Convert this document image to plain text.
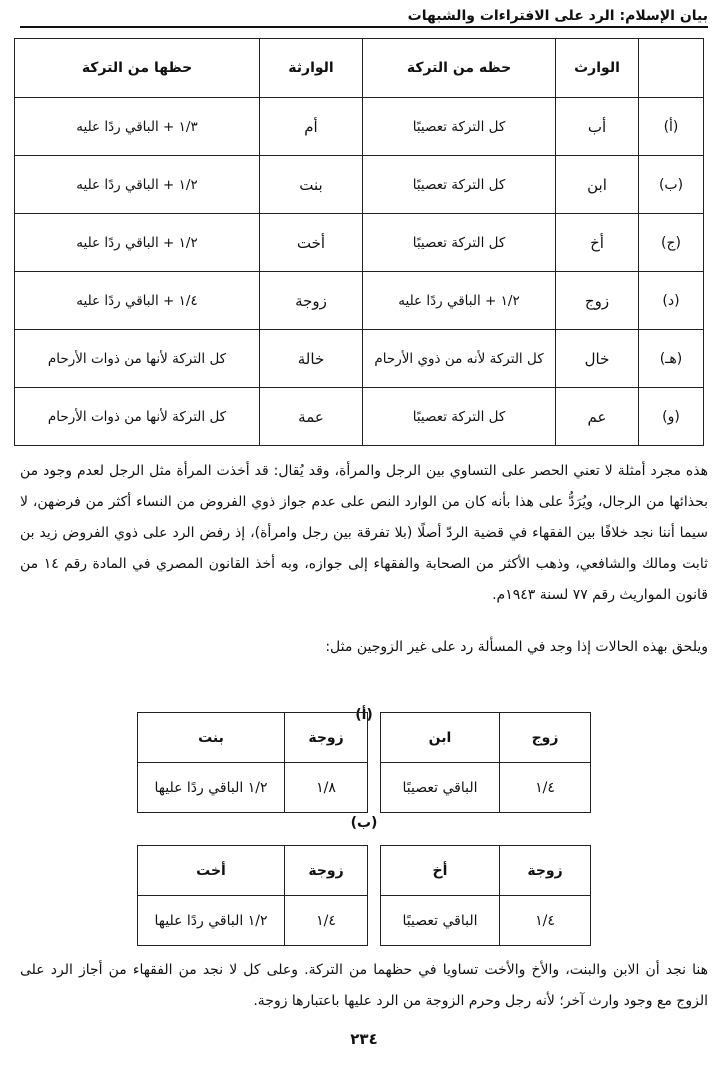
بيان الإسلام: الرد على الافتراءات والشبهات
	الوارث	حظه من التركة	الوارثة	حظها من التركة
(أ)	أب	كل التركة تعصيبًا	أم	١/٣ + الباقي ردًا عليه
(ب)	ابن	كل التركة تعصيبًا	بنت	١/٢ + الباقي ردًا عليه
(ج)	أخ	كل التركة تعصيبًا	أخت	١/٢ + الباقي ردًا عليه
(د)	زوج	١/٢ + الباقي ردًا عليه	زوجة	١/٤ + الباقي ردًا عليه
(هـ)	خال	كل التركة لأنه من ذوي الأرحام	خالة	كل التركة لأنها من ذوات الأرحام
(و)	عم	كل التركة تعصيبًا	عمة	كل التركة لأنها من ذوات الأرحام

هذه مجرد أمثلة لا تعني الحصر على التساوي بين الرجل والمرأة، وقد يُقال: قد أخذت المرأة مثل الرجل لعدم وجود من بحذائها من الرجال، ويُرَدُّ على هذا بأنه كان من الوارد النص على عدم جواز ذوي الفروض من النساء أكثر من فرضهن، لا سيما أننا نجد خلافًا بين الفقهاء في قضية الردّ أصلًا (بلا تفرقة بين رجل وامرأة)، إذ رفض الرد على ذوي الفروض زيد بن ثابت ومالك والشافعي، وذهب الأكثر من الصحابة والفقهاء إلى جوازه، وبه أخذ القانون المصري في المادة رقم ١٤ من قانون المواريث رقم ٧٧ لسنة ١٩٤٣م.

ويلحق بهذه الحالات إذا وجد في المسألة رد على غير الزوجين مثل:

(أ)
زوج	ابن		زوجة	بنت
١/٤	الباقي تعصيبًا		١/٨	١/٢ الباقي ردًا عليها
(ب)
زوجة	أخ		زوجة	أخت
١/٤	الباقي تعصيبًا		١/٤	١/٢ الباقي ردًا عليها

هنا نجد أن الابن والبنت، والأخ والأخت تساويا في حظهما من التركة. وعلى كل لا نجد من الفقهاء من أجاز الرد على الزوج مع وجود وارث آخر؛ لأنه رجل وحرم الزوجة من الرد عليها باعتبارها زوجة.

٢٣٤
